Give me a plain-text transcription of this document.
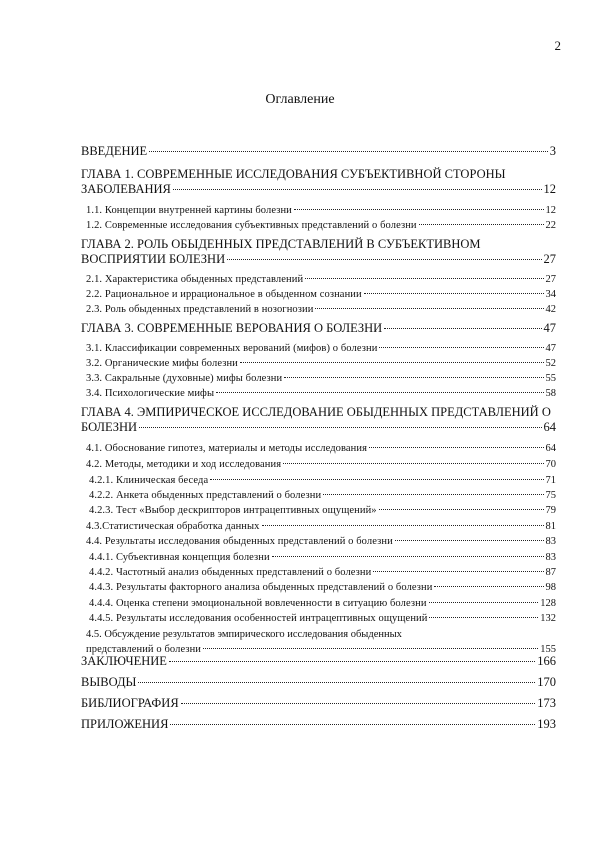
2
Оглавление
ВВЕДЕНИЕ	3
ГЛАВА 1. СОВРЕМЕННЫЕ ИССЛЕДОВАНИЯ СУБЪЕКТИВНОЙ СТОРОНЫ
ЗАБОЛЕВАНИЯ	12
1.1. Концепции внутренней картины болезни	12
1.2. Современные исследования субъективных представлений о болезни	22
ГЛАВА 2. РОЛЬ ОБЫДЕННЫХ ПРЕДСТАВЛЕНИЙ В СУБЪЕКТИВНОМ
ВОСПРИЯТИИ БОЛЕЗНИ	27
2.1. Характеристика обыденных представлений	27
2.2. Рациональное и иррациональное в обыденном сознании	34
2.3. Роль обыденных представлений в нозогнозии	42
ГЛАВА 3. СОВРЕМЕННЫЕ ВЕРОВАНИЯ О БОЛЕЗНИ	47
3.1. Классификации современных верований (мифов) о болезни	47
3.2. Органические мифы болезни	52
3.3. Сакральные (духовные) мифы болезни	55
3.4. Психологические мифы	58
ГЛАВА 4. ЭМПИРИЧЕСКОЕ ИССЛЕДОВАНИЕ ОБЫДЕННЫХ ПРЕДСТАВЛЕНИЙ О
БОЛЕЗНИ	64
4.1. Обоснование гипотез, материалы и методы исследования	64
4.2. Методы, методики и ход исследования	70
4.2.1. Клиническая беседа	71
4.2.2. Анкета обыденных представлений о болезни	75
4.2.3. Тест «Выбор дескрипторов интрацептивных ощущений»	79
4.3.Статистическая обработка данных	81
4.4. Результаты исследования обыденных представлений о болезни	83
4.4.1. Субъективная концепция болезни	83
4.4.2. Частотный анализ обыденных представлений о болезни	87
4.4.3. Результаты факторного анализа обыденных представлений о болезни	98
4.4.4. Оценка степени эмоциональной вовлеченности в ситуацию болезни	128
4.4.5. Результаты исследования особенностей интрацептивных ощущений	132
4.5. Обсуждение результатов эмпирического исследования обыденных
представлений о болезни	155
ЗАКЛЮЧЕНИЕ	166
ВЫВОДЫ	170
БИБЛИОГРАФИЯ	173
ПРИЛОЖЕНИЯ	193
